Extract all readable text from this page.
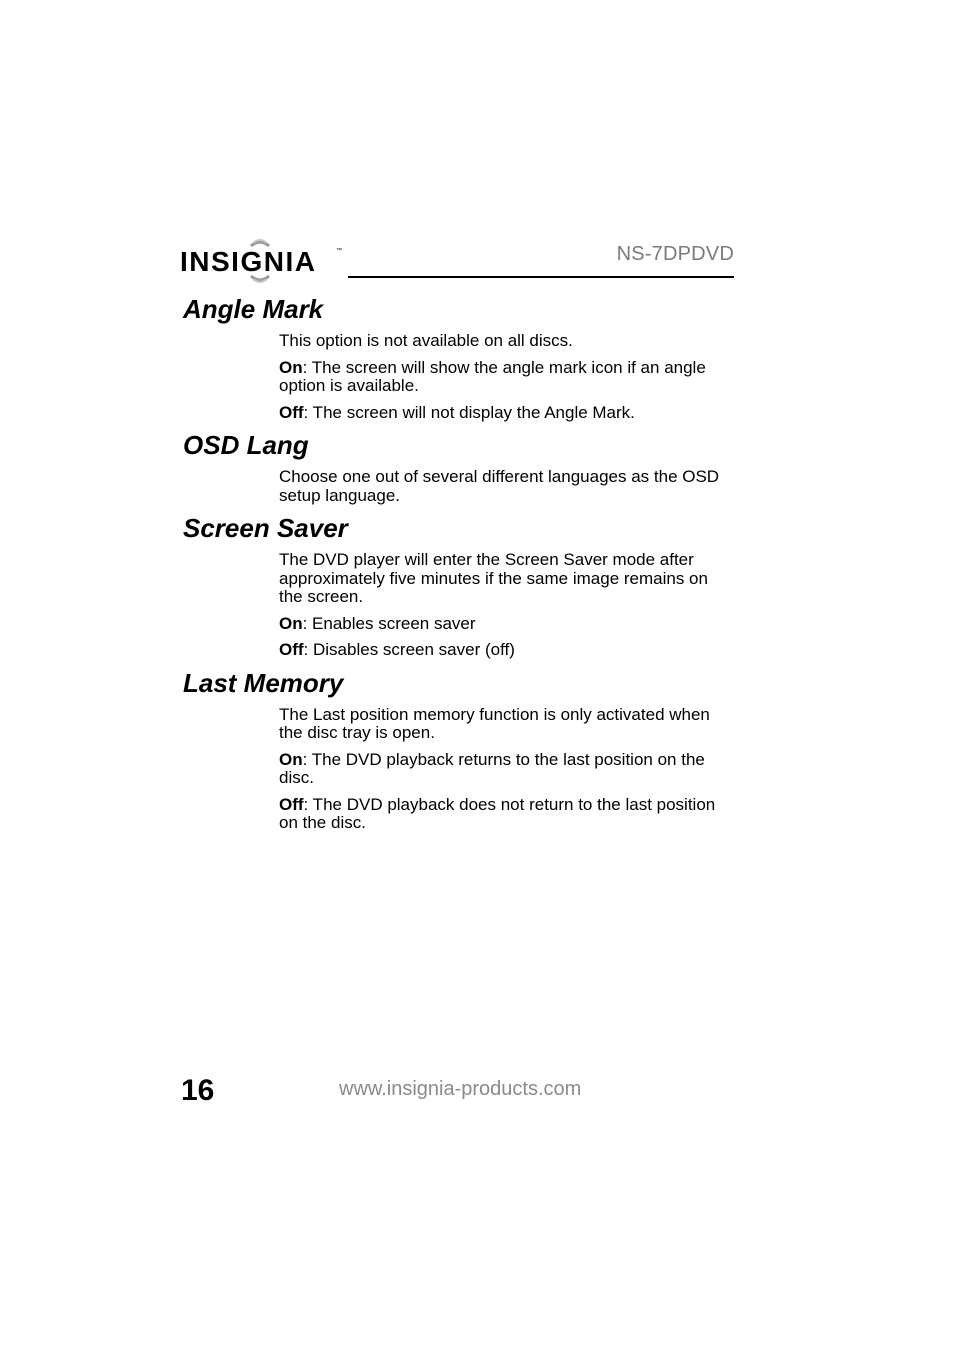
INSIGNIA	™	NS-7DPDVD
Angle Mark

This option is not available on all discs.

On: The screen will show the angle mark icon if an angle option is available.

Off: The screen will not display the Angle Mark.

OSD Lang

Choose one out of several different languages as the OSD setup language.

Screen Saver

The DVD player will enter the Screen Saver mode after approximately five minutes if the same image remains on the screen.

On: Enables screen saver

Off: Disables screen saver (off)

Last Memory

The Last position memory function is only activated when the disc tray is open.

On: The DVD playback returns to the last position on the disc.

Off: The DVD playback does not return to the last position on the disc.

16	www.insignia-products.com
